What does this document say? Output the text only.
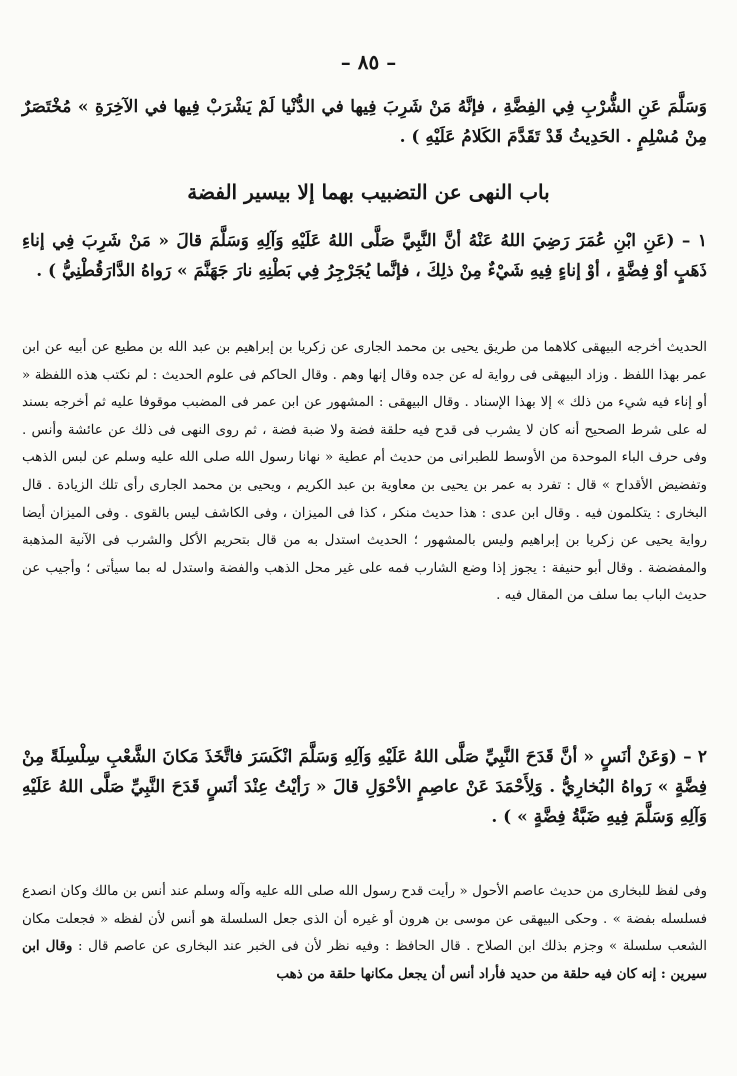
– ٨٥ –
وَسَلَّمَ عَنِ الشُّرْبِ فِي الفِضَّةِ ، فإنَّهُ مَنْ شَرِبَ فِيها في الدُّنْيا لَمْ يَشْرَبْ فِيها في الآخِرَةِ » مُخْتَصَرٌ مِنْ مُسْلِمٍ . الحَدِيثُ قَدْ تَقَدَّمَ الكَلامُ عَلَيْهِ ) .
باب النهى عن التضبيب بهما إلا بيسير الفضة
١ – (عَنِ ابْنِ عُمَرَ رَضِيَ اللهُ عَنْهُ أنَّ النَّبِيَّ صَلَّى اللهُ عَلَيْهِ وَآلِهِ وَسَلَّمَ قالَ « مَنْ شَرِبَ فِي إناءِ ذَهَبٍ أوْ فِضَّةٍ ، أوْ إناءٍ فِيهِ شَيْءٌ مِنْ ذلِكَ ، فإنَّما يُجَرْجِرُ فِي بَطْنِهِ نارَ جَهَنَّمَ » رَواهُ الدَّارَقُطْنِيُّ ) .
الحديث أخرجه البيهقى كلاهما من طريق يحيى بن محمد الجارى عن زكريا بن إبراهيم بن عبد الله بن مطيع عن أبيه عن ابن عمر بهذا اللفظ . وزاد البيهقى فى رواية له عن جده وقال إنها وهم . وقال الحاكم فى علوم الحديث : لم نكتب هذه اللفظة « أو إناء فيه شيء من ذلك » إلا بهذا الإسناد . وقال البيهقى : المشهور عن ابن عمر فى المضبب موقوفا عليه ثم أخرجه بسند له على شرط الصحيح أنه كان لا يشرب فى قدح فيه حلقة فضة ولا ضبة فضة ، ثم روى النهى فى ذلك عن عائشة وأنس . وفى حرف الباء الموحدة من الأوسط للطبرانى من حديث أم عطية « نهانا رسول الله صلى الله عليه وسلم عن لبس الذهب وتفضيض الأقداح » قال : تفرد به عمر بن يحيى بن معاوية بن عبد الكريم ، ويحيى بن محمد الجارى رأى تلك الزيادة . قال البخارى : يتكلمون فيه . وقال ابن عدى : هذا حديث منكر ، كذا فى الميزان ، وفى الكاشف ليس بالقوى . وفى الميزان أيضا رواية يحيى عن زكريا بن إبراهيم وليس بالمشهور ؛ الحديث استدل به من قال بتحريم الأكل والشرب فى الآنية المذهبة والمفضضة . وقال أبو حنيفة : يجوز إذا وضع الشارب فمه على غير محل الذهب والفضة واستدل له بما سيأتى ؛ وأجيب عن حديث الباب بما سلف من المقال فيه .
٢ – (وَعَنْ أنَسٍ « أنَّ قَدَحَ النَّبِيِّ صَلَّى اللهُ عَلَيْهِ وَآلِهِ وَسَلَّمَ انْكَسَرَ فاتَّخَذَ مَكانَ الشَّعْبِ سِلْسِلَةً مِنْ فِضَّةٍ » رَواهُ البُخارِيُّ . وَلِأَحْمَدَ عَنْ عاصِمٍ الأحْوَلِ قالَ « رَأيْتُ عِنْدَ أنَسٍ قَدَحَ النَّبِيِّ صَلَّى اللهُ عَلَيْهِ وَآلِهِ وَسَلَّمَ فِيهِ ضَبَّةُ فِضَّةٍ » ) .
وفى لفظ للبخارى من حديث عاصم الأحول « رأيت قدح رسول الله صلى الله عليه وآله وسلم عند أنس بن مالك وكان انصدع فسلسله بفضة » . وحكى البيهقى عن موسى بن هرون أو غيره أن الذى جعل السلسلة هو أنس لأن لفظه « فجعلت مكان الشعب سلسلة » وجزم بذلك ابن الصلاح . قال الحافظ : وفيه نظر لأن فى الخبر عند البخارى عن عاصم قال : وقال ابن سيرين : إنه كان فيه حلقة من حديد فأراد أنس أن يجعل مكانها حلقة من ذهب
